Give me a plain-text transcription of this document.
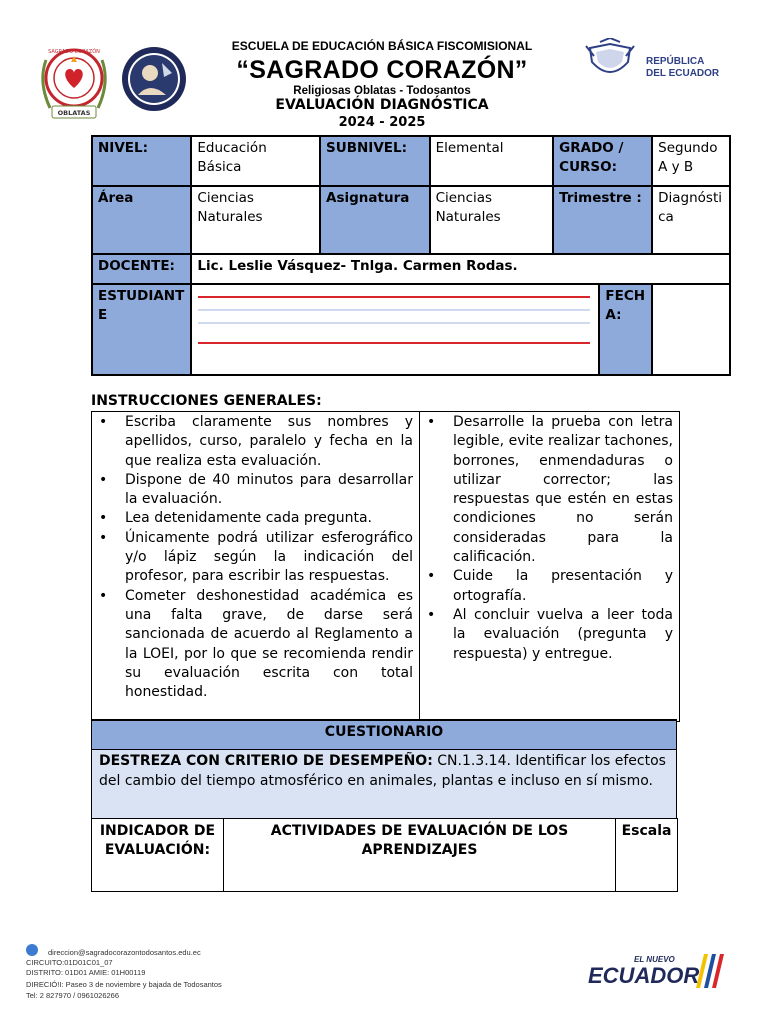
SAGRADO CORAZÓN
OBLATAS
REPÚBLICA
DEL ECUADOR
ESCUELA DE EDUCACIÓN BÁSICA FISCOMISIONAL
“SAGRADO CORAZÓN”
Religiosas Oblatas - Todosantos
EVALUACIÓN DIAGNÓSTICA
2024 - 2025
NIVEL:	Educación Básica	SUBNIVEL:	Elemental	GRADO / CURSO:		Segundo A y B
Área	Ciencias Naturales	Asignatura	Ciencias Naturales	Trimestre :		Diagnóstica
DOCENTE:	Lic. Leslie Vásquez- Tnlga. Carmen Rodas.					
ESTUDIANTE					FECHA:	
INSTRUCCIONES GENERALES:
• Escriba claramente sus nombres y apellidos, curso, paralelo y fecha en la que realiza esta evaluación.
• Dispone de 40 minutos para desarrollar la evaluación.
• Lea detenidamente cada pregunta.
• Únicamente podrá utilizar esferográfico y/o lápiz según la indicación del profesor, para escribir las respuestas.
• Cometer deshonestidad académica es una falta grave, de darse será sancionada de acuerdo al Reglamento a la LOEI, por lo que se recomienda rendir su evaluación escrita con total honestidad.
• Desarrolle la prueba con letra legible, evite realizar tachones, borrones, enmendaduras o utilizar corrector; las respuestas que estén en estas condiciones no serán consideradas para la calificación.
• Cuide la presentación y ortografía.
• Al concluir vuelva a leer toda la evaluación (pregunta y respuesta) y entregue.
CUESTIONARIO
DESTREZA CON CRITERIO DE DESEMPEÑO: CN.1.3.14. Identificar los efectos del cambio del tiempo atmosférico en animales, plantas e incluso en sí mismo.
INDICADOR DE EVALUACIÓN:	ACTIVIDADES DE EVALUACIÓN DE LOS APRENDIZAJES	Escala
direccion@sagradocorazontodosantos.edu.ec
CIRCUITO:01D01C01_07
DISTRITO: 01D01 AMIE: 01H00119
DIRECIÓ!I: Paseo 3 de noviembre y bajada de Todosantos
Tel: 2 827970 / 0961026266
EL NUEVO
ECUADOR
